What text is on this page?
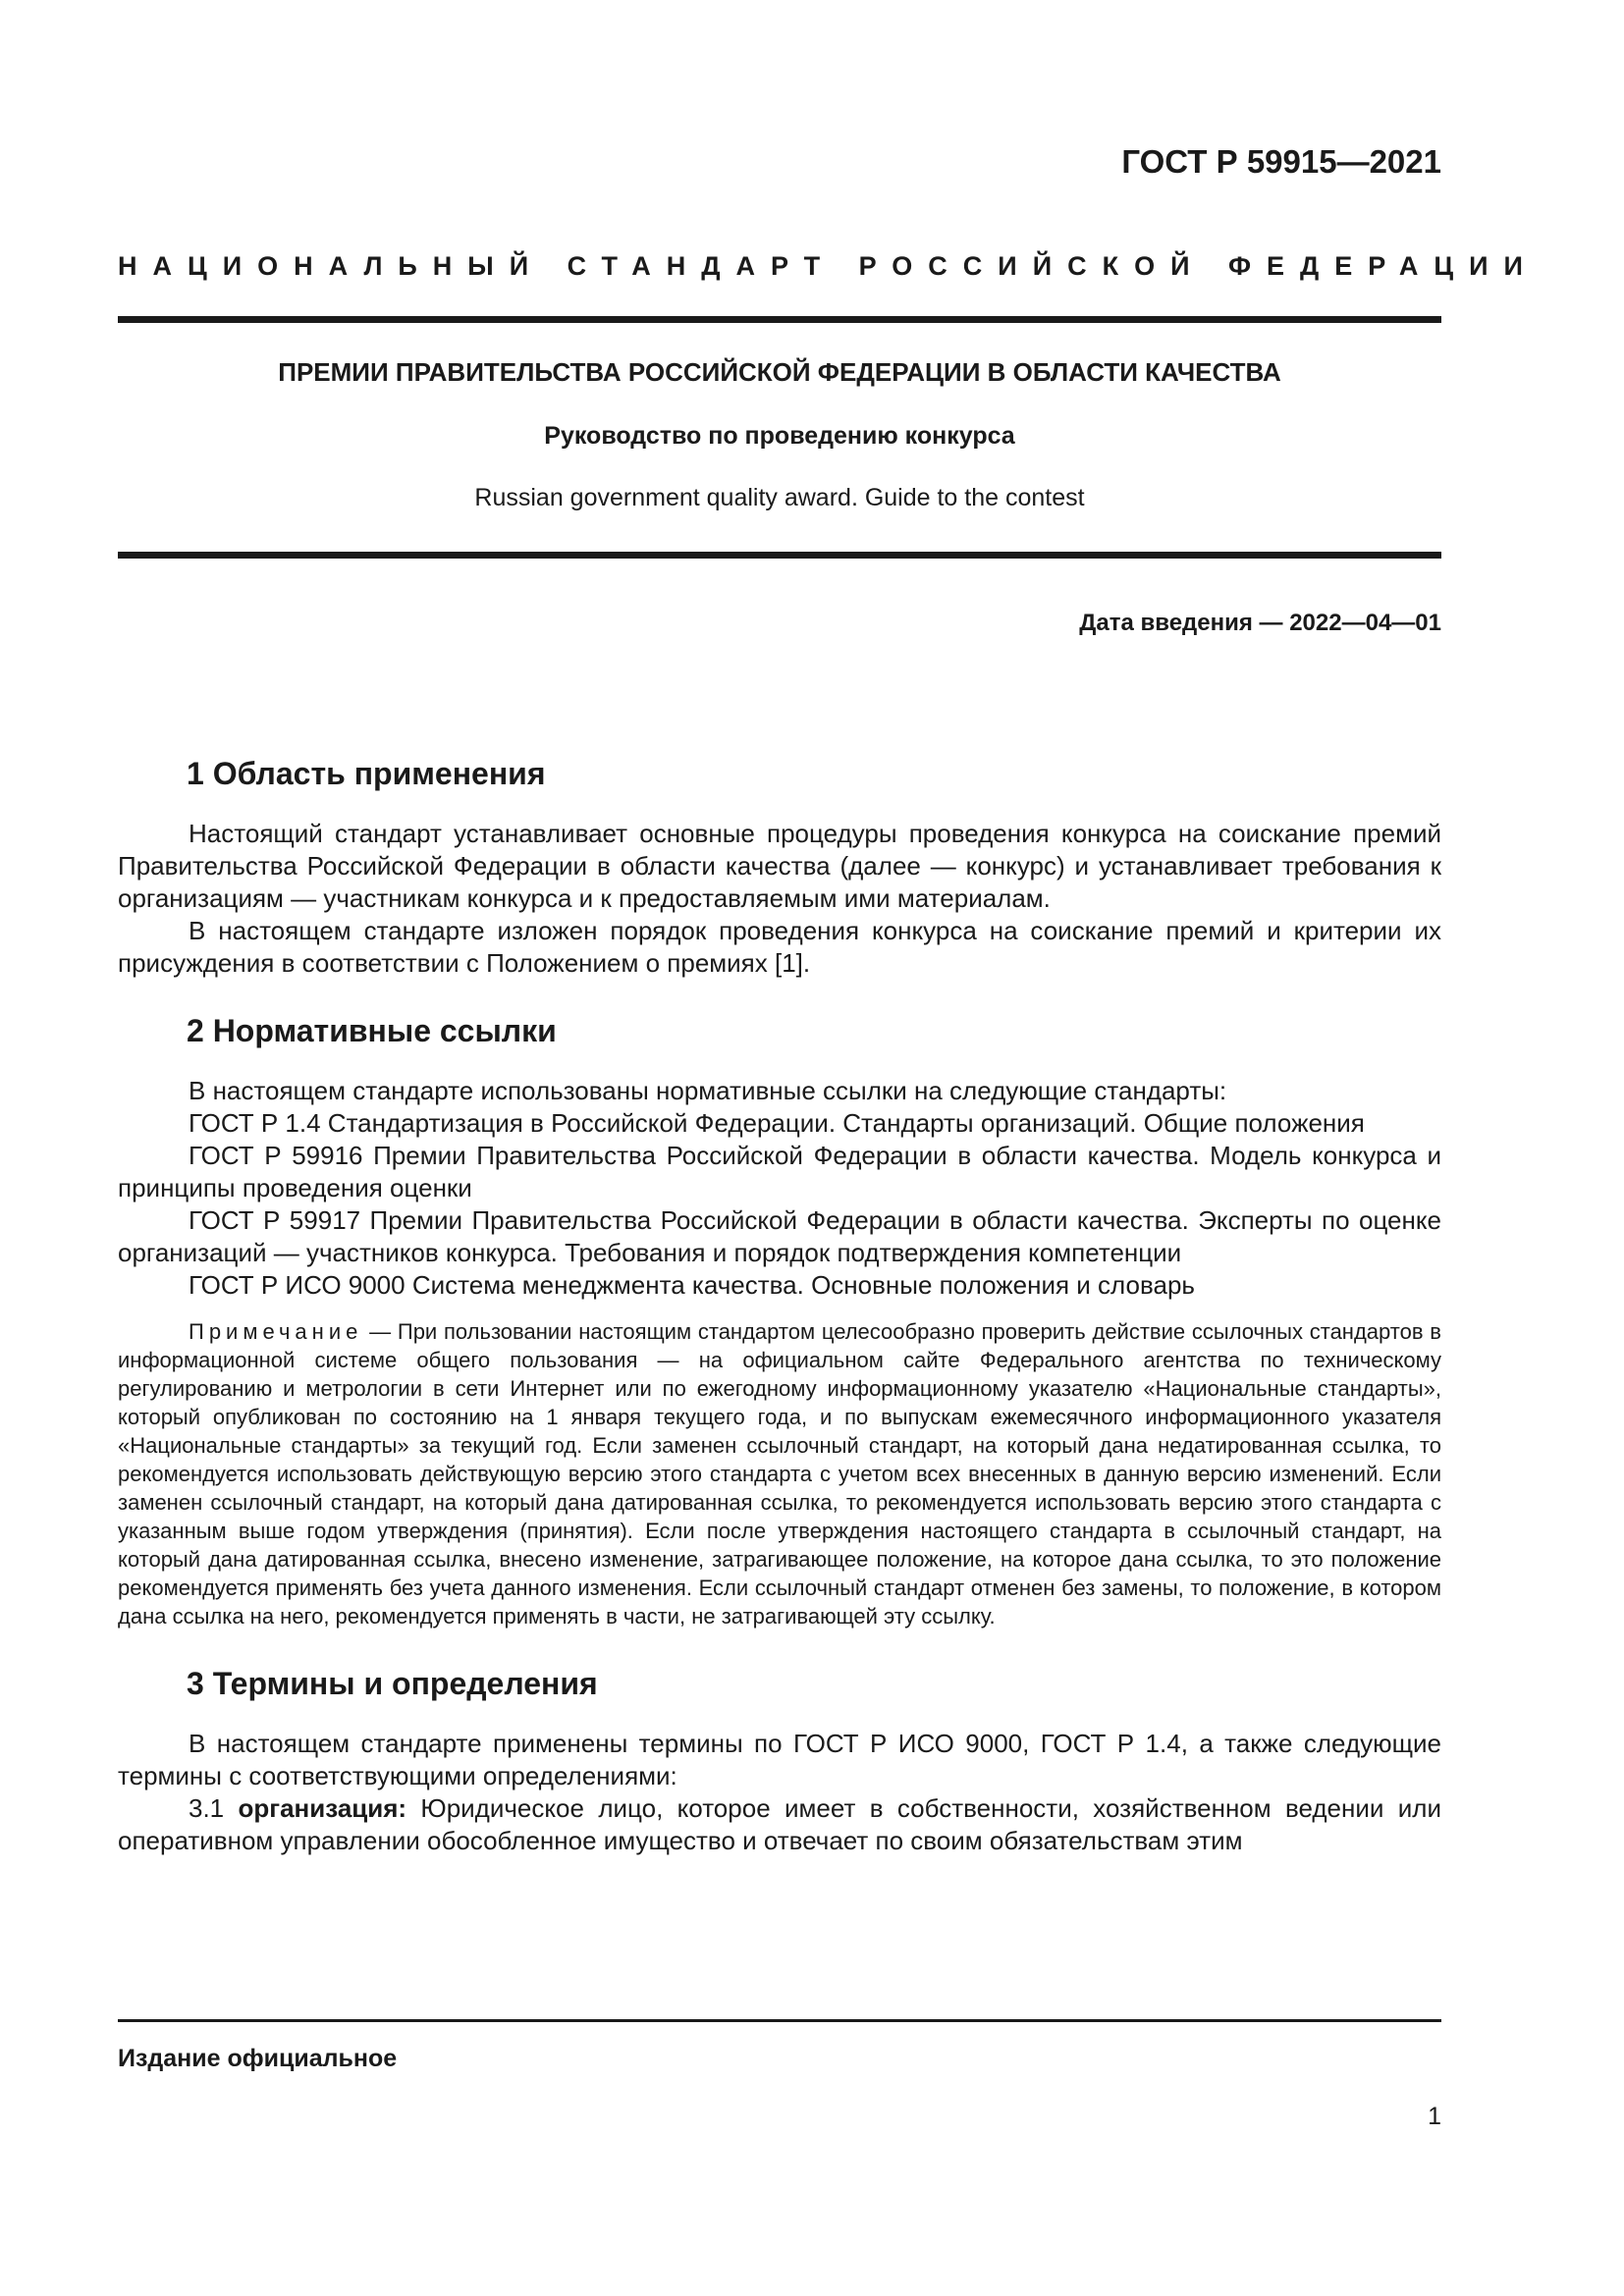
ГОСТ Р 59915—2021
НАЦИОНАЛЬНЫЙ СТАНДАРТ РОССИЙСКОЙ ФЕДЕРАЦИИ
ПРЕМИИ ПРАВИТЕЛЬСТВА РОССИЙСКОЙ ФЕДЕРАЦИИ В ОБЛАСТИ КАЧЕСТВА
Руководство по проведению конкурса
Russian government quality award. Guide to the contest
Дата введения — 2022—04—01
1 Область применения

Настоящий стандарт устанавливает основные процедуры проведения конкурса на соискание премий Правительства Российской Федерации в области качества (далее — конкурс) и устанавливает требования к организациям — участникам конкурса и к предоставляемым ими материалам.

В настоящем стандарте изложен порядок проведения конкурса на соискание премий и критерии их присуждения в соответствии с Положением о премиях [1].

2 Нормативные ссылки

В настоящем стандарте использованы нормативные ссылки на следующие стандарты:

ГОСТ Р 1.4 Стандартизация в Российской Федерации. Стандарты организаций. Общие положения

ГОСТ Р 59916 Премии Правительства Российской Федерации в области качества. Модель конкурса и принципы проведения оценки

ГОСТ Р 59917 Премии Правительства Российской Федерации в области качества. Эксперты по оценке организаций — участников конкурса. Требования и порядок подтверждения компетенции

ГОСТ Р ИСО 9000 Система менеджмента качества. Основные положения и словарь

Примечание — При пользовании настоящим стандартом целесообразно проверить действие ссылочных стандартов в информационной системе общего пользования — на официальном сайте Федерального агентства по техническому регулированию и метрологии в сети Интернет или по ежегодному информационному указателю «Национальные стандарты», который опубликован по состоянию на 1 января текущего года, и по выпускам ежемесячного информационного указателя «Национальные стандарты» за текущий год. Если заменен ссылочный стандарт, на который дана недатированная ссылка, то рекомендуется использовать действующую версию этого стандарта с учетом всех внесенных в данную версию изменений. Если заменен ссылочный стандарт, на который дана датированная ссылка, то рекомендуется использовать версию этого стандарта с указанным выше годом утверждения (принятия). Если после утверждения настоящего стандарта в ссылочный стандарт, на который дана датированная ссылка, внесено изменение, затрагивающее положение, на которое дана ссылка, то это положение рекомендуется применять без учета данного изменения. Если ссылочный стандарт отменен без замены, то положение, в котором дана ссылка на него, рекомендуется применять в части, не затрагивающей эту ссылку.

3 Термины и определения

В настоящем стандарте применены термины по ГОСТ Р ИСО 9000, ГОСТ Р 1.4, а также следующие термины с соответствующими определениями:

3.1 организация: Юридическое лицо, которое имеет в собственности, хозяйственном ведении или оперативном управлении обособленное имущество и отвечает по своим обязательствам этим

Издание официальное
1
